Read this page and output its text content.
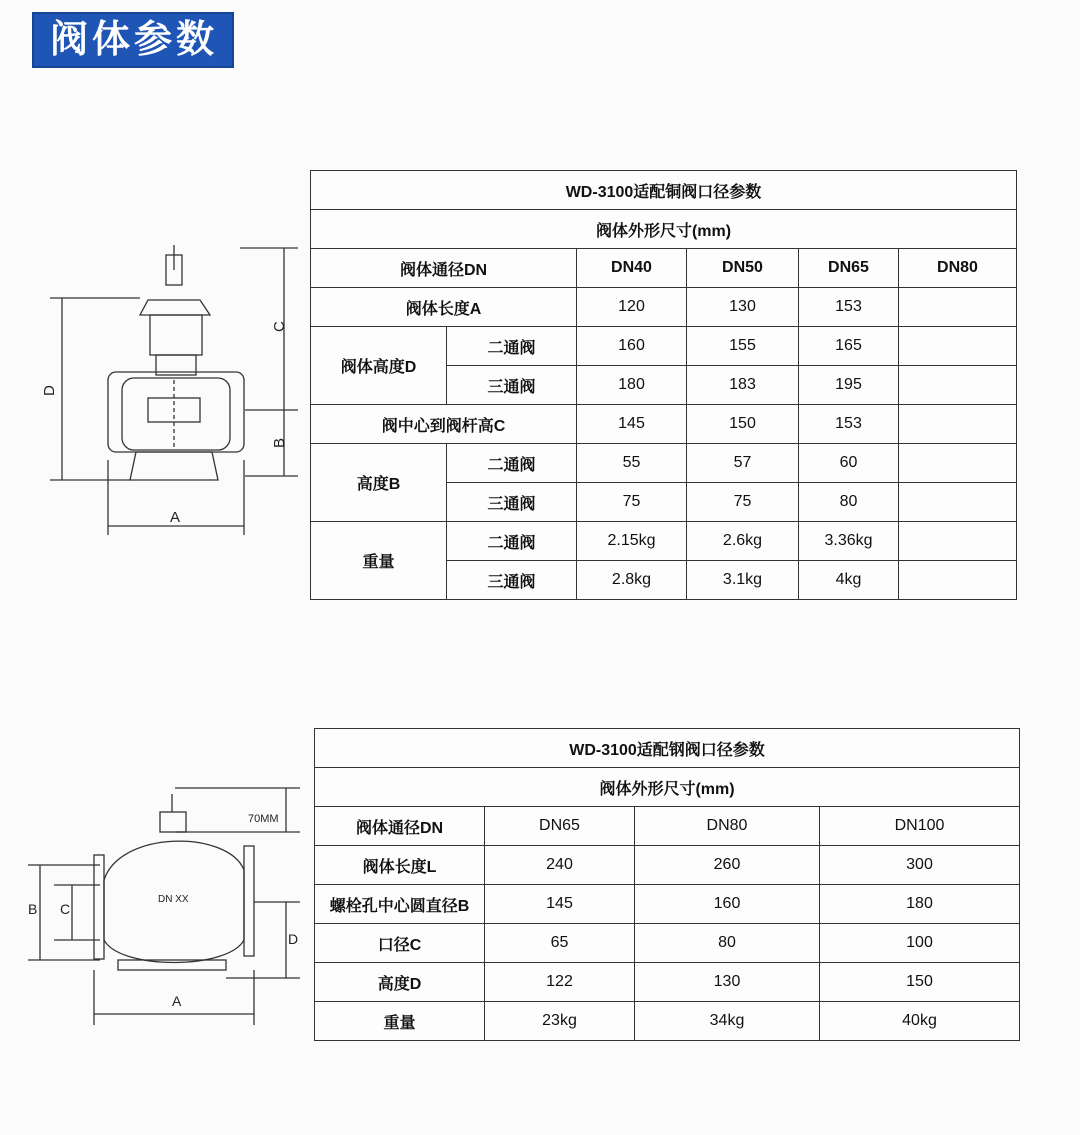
阀体参数
D
C
B
A
WD-3100适配铜阀口径参数					
阀体外形尺寸(mm)					
阀体通径DN		DN40	DN50	DN65	DN80
阀体长度A		120	130	153	
阀体高度D	二通阀	160	155	165	
	三通阀	180	183	195	
阀中心到阀杆高C		145	150	153	
高度B	二通阀	55	57	60	
	三通阀	75	75	80	
重量	二通阀	2.15kg	2.6kg	3.36kg	
	三通阀	2.8kg	3.1kg	4kg	
70MM
B C
D
A
DN XX
WD-3100适配钢阀口径参数			
阀体外形尺寸(mm)			
阀体通径DN	DN65	DN80	DN100
阀体长度L	240	260	300
螺栓孔中心圆直径B	145	160	180
口径C	65	80	100
高度D	122	130	150
重量	23kg	34kg	40kg
